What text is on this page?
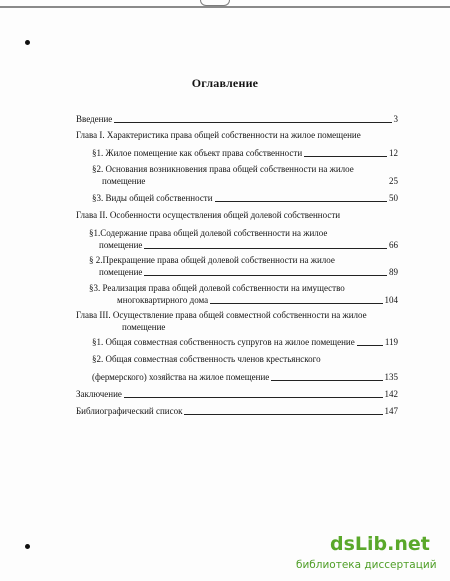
Оглавление
Введение	3
Глава I. Характеристика права общей собственности на жилое помещение
§1. Жилое помещение как объект права собственности	12
§2. Основания возникновения права общей собственности на жилое
помещение	25
§3. Виды общей собственности	50
Глава II. Особенности осуществления общей долевой собственности
§1.Содержание права общей долевой собственности на жилое
помещение	66
§ 2.Прекращение права общей долевой собственности на жилое
помещение	89
§3. Реализация права общей долевой собственности на имущество
многоквартирного дома	104
Глава III. Осуществление права общей совместной собственности на жилое
помещение
§1. Общая совместная собственность супругов на жилое помещение	119
§2. Общая совместная собственность членов крестьянского
(фермерского) хозяйства на жилое помещение	135
Заключение	142
Библиографический список	147
dsLib.net
библиотека диссертаций
